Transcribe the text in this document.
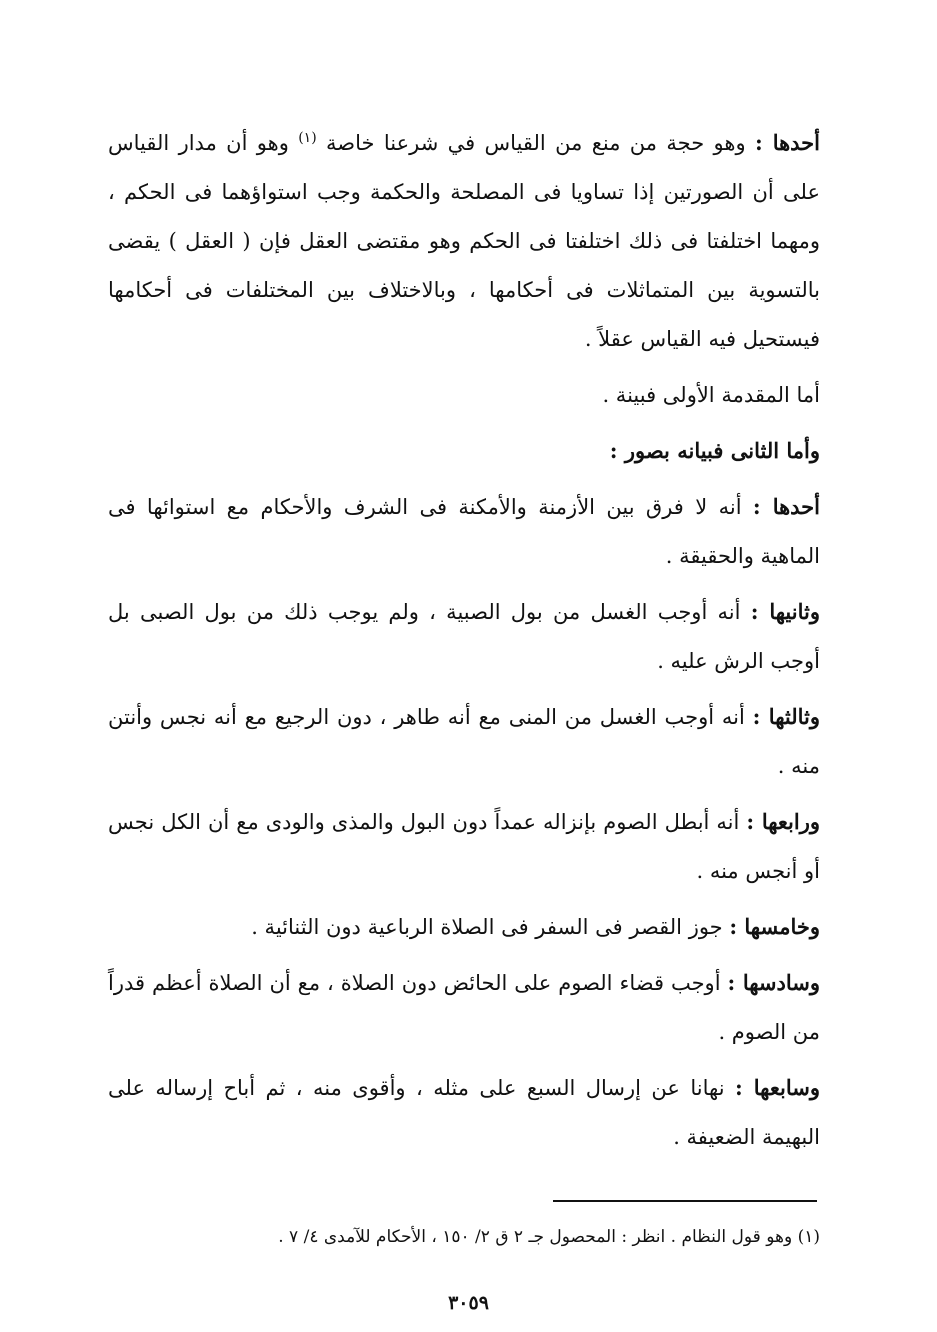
أحدها : وهو حجة من منع من القياس في شرعنا خاصة $^{(١)}$ وهو أن مدار القياس على أن الصورتين إذا تساويا فى المصلحة والحكمة وجب استواؤهما فى الحكم ، ومهما اختلفتا فى ذلك اختلفتا فى الحكم وهو مقتضى العقل فإن ( العقل ) يقضى بالتسوية بين المتماثلات فى أحكامها ، وبالاختلاف بين المختلفات فى أحكامها فيستحيل فيه القياس عقلاً .

أما المقدمة الأولى فبينة .

وأما الثانى فبيانه بصور :

أحدها : أنه لا فرق بين الأزمنة والأمكنة فى الشرف والأحكام مع استوائها فى الماهية والحقيقة .

وثانيها : أنه أوجب الغسل من بول الصبية ، ولم يوجب ذلك من بول الصبى بل أوجب الرش عليه .

وثالثها : أنه أوجب الغسل من المنى مع أنه طاهر ، دون الرجيع مع أنه نجس وأنتن منه .

ورابعها : أنه أبطل الصوم بإنزاله عمداً دون البول والمذى والودى مع أن الكل نجس أو أنجس منه .

وخامسها : جوز القصر فى السفر فى الصلاة الرباعية دون الثنائية .

وسادسها : أوجب قضاء الصوم على الحائض دون الصلاة ، مع أن الصلاة أعظم قدراً من الصوم .

وسابعها : نهانا عن إرسال السبع على مثله ، وأقوى منه ، ثم أباح إرساله على البهيمة الضعيفة .

(١) وهو قول النظام . انظر : المحصول جـ ٢ ق ٢/ ١٥٠ ، الأحكام للآمدى ٤/ ٧ .
٣٠٥٩
